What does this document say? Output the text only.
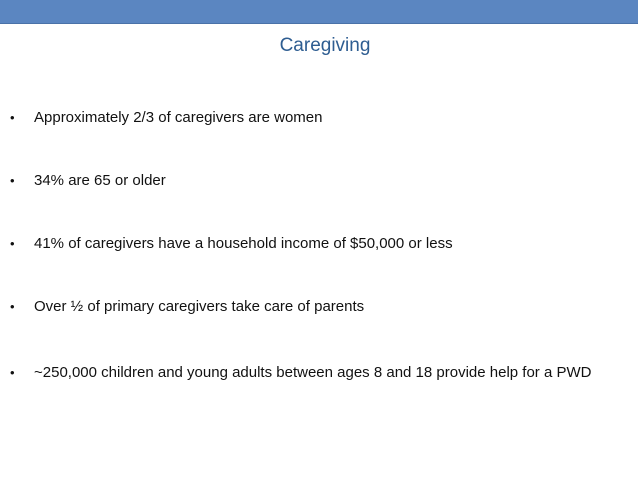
Caregiving
•	Approximately 2/3 of caregivers are women
•	34% are 65 or older
•	41% of caregivers have a household income of $50,000 or less
•	Over ½ of primary caregivers take care of parents
•	~250,000 children and young adults between ages 8 and 18 provide help for a PWD
